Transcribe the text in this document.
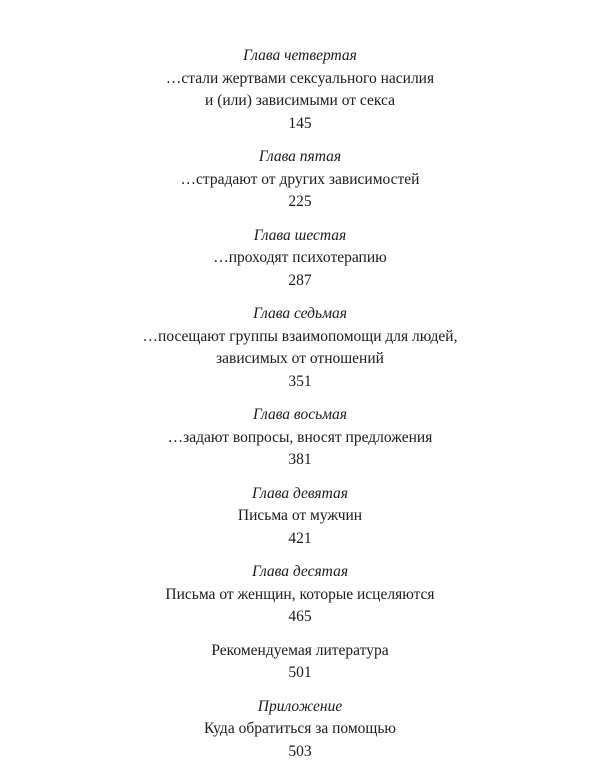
Глава четвертая
…стали жертвами сексуального насилия
и (или) зависимыми от секса
145
Глава пятая
…страдают от других зависимостей
225
Глава шестая
…проходят психотерапию
287
Глава седьмая
…посещают группы взаимопомощи для людей,
зависимых от отношений
351
Глава восьмая
…задают вопросы, вносят предложения
381
Глава девятая
Письма от мужчин
421
Глава десятая
Письма от женщин, которые исцеляются
465
Рекомендуемая литература
501
Приложение
Куда обратиться за помощью
503
